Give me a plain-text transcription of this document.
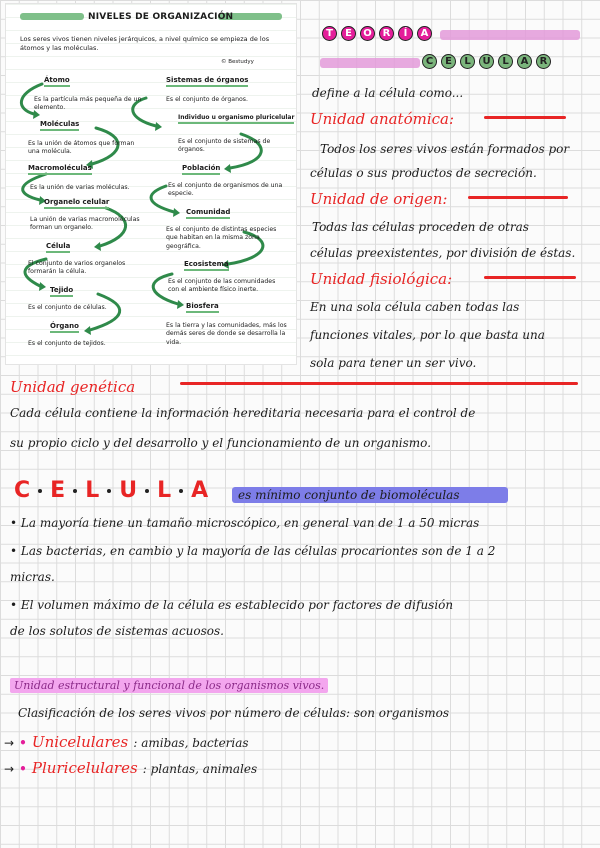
NIVELES DE ORGANIZACIÓN
Los seres vivos tienen niveles jerárquicos, a nivel químico se empieza de los átomos y las moléculas.
© Bestudyy
Átomo
Es la partícula más pequeña de un elemento.
Moléculas
Es la unión de átomos que forman una molécula.
Macromoléculas
Es la unión de varias moléculas.
Organelo celular
La unión de varias macromoléculas forman un organelo.
Célula
El conjunto de varios organelos formarán la célula.
Tejido
Es el conjunto de células.
Órgano
Es el conjunto de tejidos.
Sistemas de órganos
Es el conjunto de órganos.
Individuo u organismo pluricelular
Es el conjunto de sistemas de órganos.
Población
Es el conjunto de organismos de una especie.
Comunidad
Es el conjunto de distintas especies que habitan en la misma zona geográfica.
Ecosistema
Es el conjunto de las comunidades con el ambiente físico inerte.
Biosfera
Es la tierra y las comunidades, más los demás seres de donde se desarrolla la vida.
T	E	O	R	Í	A
C	E	L	U	L	A	R
define a la célula como...
Unidad anatómica:
Todos los seres vivos están formados por
células o sus productos de secreción.
Unidad de origen:
Todas las células proceden de otras
células preexistentes, por división de éstas.
Unidad fisiológica:
En una sola célula caben todas las
funciones vitales, por lo que basta una
sola para tener un ser vivo.
Unidad genética
Cada célula contiene la información hereditaria necesaria para el control de
su propio ciclo y del desarrollo y el funcionamiento de un organismo.
C E L U L A	es mínimo conjunto de biomoléculas
• La mayoría tiene un tamaño microscópico, en general van de 1 a 50 micras
• Las bacterias, en cambio y la mayoría de las células procariontes son de 1 a 2
micras.
• El volumen máximo de la célula es establecido por factores de difusión
de los solutos de sistemas acuosos.
Unidad estructural y funcional de los organismos vivos.
Clasificación de los seres vivos por número de células: son organismos
→ • Unicelulares : amibas, bacterias
→ • Pluricelulares : plantas, animales
